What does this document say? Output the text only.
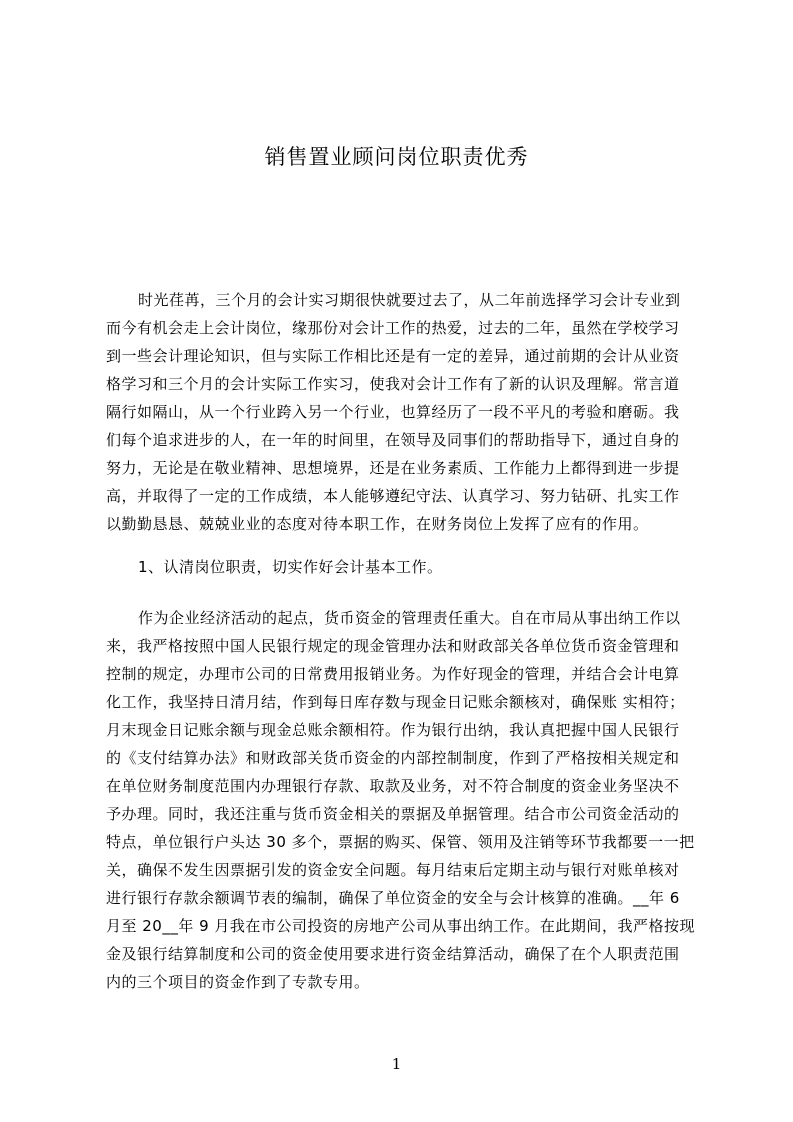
销售置业顾问岗位职责优秀
时光荏苒，三个月的会计实习期很快就要过去了，从二年前选择学习会计专业到
而今有机会走上会计岗位，缘那份对会计工作的热爱，过去的二年，虽然在学校学习
到一些会计理论知识，但与实际工作相比还是有一定的差异，通过前期的会计从业资
格学习和三个月的会计实际工作实习，使我对会计工作有了新的认识及理解。常言道
隔行如隔山，从一个行业跨入另一个行业，也算经历了一段不平凡的考验和磨砺。我
们每个追求进步的人，在一年的时间里，在领导及同事们的帮助指导下，通过自身的
努力，无论是在敬业精神、思想境界，还是在业务素质、工作能力上都得到进一步提
高，并取得了一定的工作成绩，本人能够遵纪守法、认真学习、努力钻研、扎实工作
以勤勤恳恳、兢兢业业的态度对待本职工作，在财务岗位上发挥了应有的作用。
1、认清岗位职责，切实作好会计基本工作。
作为企业经济活动的起点，货币资金的管理责任重大。自在市局从事出纳工作以
来，我严格按照中国人民银行规定的现金管理办法和财政部关各单位货币资金管理和
控制的规定，办理市公司的日常费用报销业务。为作好现金的管理，并结合会计电算
化工作，我坚持日清月结，作到每日库存数与现金日记账余额核对，确保账 实相符；
月末现金日记账余额与现金总账余额相符。作为银行出纳，我认真把握中国人民银行
的《支付结算办法》和财政部关货币资金的内部控制制度，作到了严格按相关规定和
在单位财务制度范围内办理银行存款、取款及业务，对不符合制度的资金业务坚决不
予办理。同时，我还注重与货币资金相关的票据及单据管理。结合市公司资金活动的
特点，单位银行户头达 30 多个，票据的购买、保管、领用及注销等环节我都要一一把
关，确保不发生因票据引发的资金安全问题。每月结束后定期主动与银行对账单核对
进行银行存款余额调节表的编制，确保了单位资金的安全与会计核算的准确。__年 6
月至 20__年 9 月我在市公司投资的房地产公司从事出纳工作。在此期间，我严格按现
金及银行结算制度和公司的资金使用要求进行资金结算活动，确保了在个人职责范围
内的三个项目的资金作到了专款专用。
1
